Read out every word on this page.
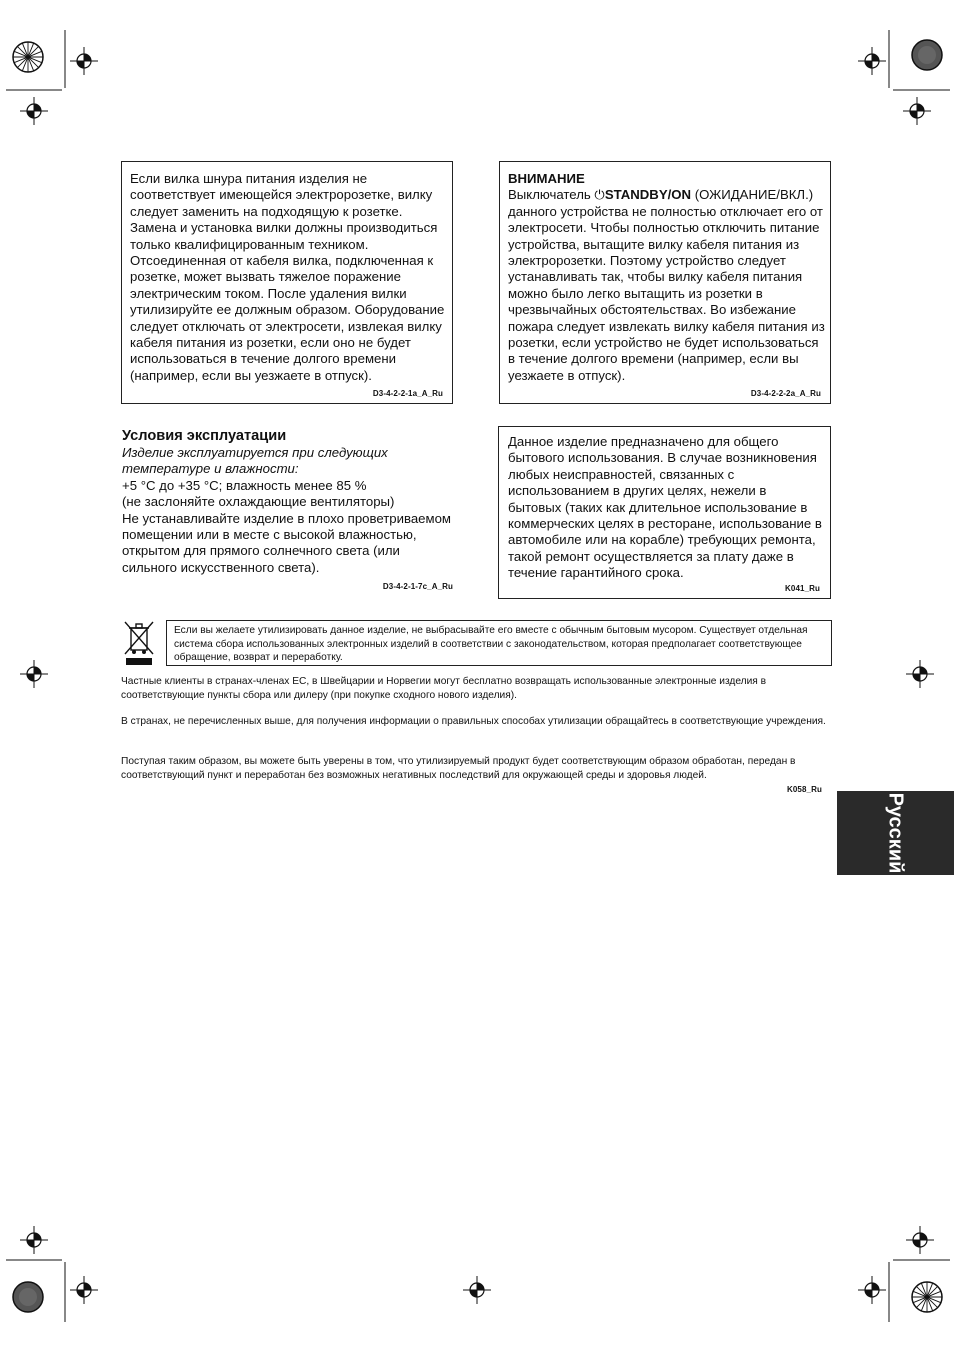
Если вилка шнура питания изделия не соответствует имеющейся электророзетке, вилку следует заменить на подходящую к розетке. Замена и установка вилки должны производиться только квалифицированным техником. Отсоединенная от кабеля вилка, подключенная к розетке, может вызвать тяжелое поражение электрическим током. После удаления вилки утилизируйте ее должным образом. Оборудование следует отключать от электросети, извлекая вилку кабеля питания из розетки, если оно не будет использоваться в течение долгого времени (например, если вы уезжаете в отпуск).
D3-4-2-2-1a_A_Ru
ВНИМАНИЕ
Выключатель ⏻STANDBY/ON (ОЖИДАНИЕ/ВКЛ.) данного устройства не полностью отключает его от электросети. Чтобы полностью отключить питание устройства, вытащите вилку кабеля питания из электророзетки. Поэтому устройство следует устанавливать так, чтобы вилку кабеля питания можно было легко вытащить из розетки в чрезвычайных обстоятельствах. Во избежание пожара следует извлекать вилку кабеля питания из розетки, если устройство не будет использоваться в течение долгого времени (например, если вы уезжаете в отпуск).
D3-4-2-2-2a_A_Ru
Условия эксплуатации
Изделие эксплуатируется при следующих температуре и влажности:
+5 °C до +35 °C; влажность менее 85 %
(не заслоняйте охлаждающие вентиляторы)
Не устанавливайте изделие в плохо проветриваемом помещении или в месте с высокой влажностью, открытом для прямого солнечного света (или сильного искусственного света).
D3-4-2-1-7c_A_Ru
Данное изделие предназначено для общего бытового использования. В случае возникновения любых неисправностей, связанных с использованием в других целях, нежели в бытовых (таких как длительное использование в коммерческих целях в ресторане, использование в автомобиле или на корабле) требующих ремонта, такой ремонт осуществляется за плату даже в течение гарантийного срока.
K041_Ru
Если вы желаете утилизировать данное изделие, не выбрасывайте его вместе с обычным бытовым мусором. Существует отдельная система сбора использованных электронных изделий в соответствии с законодательством, которая предполагает соответствующее обращение, возврат и переработку.
Частные клиенты в странах-членах ЕС, в Швейцарии и Норвегии могут бесплатно возвращать использованные электронные изделия в соответствующие пункты сбора или дилеру (при покупке сходного нового изделия).
В странах, не перечисленных выше, для получения информации о правильных способах утилизации обращайтесь в соответствующие учреждения.
Поступая таким образом, вы можете быть уверены в том, что утилизируемый продукт будет соответствующим образом обработан, передан в соответствующий пункт и переработан без возможных негативных последствий для окружающей среды и здоровья людей.
K058_Ru
Русский
